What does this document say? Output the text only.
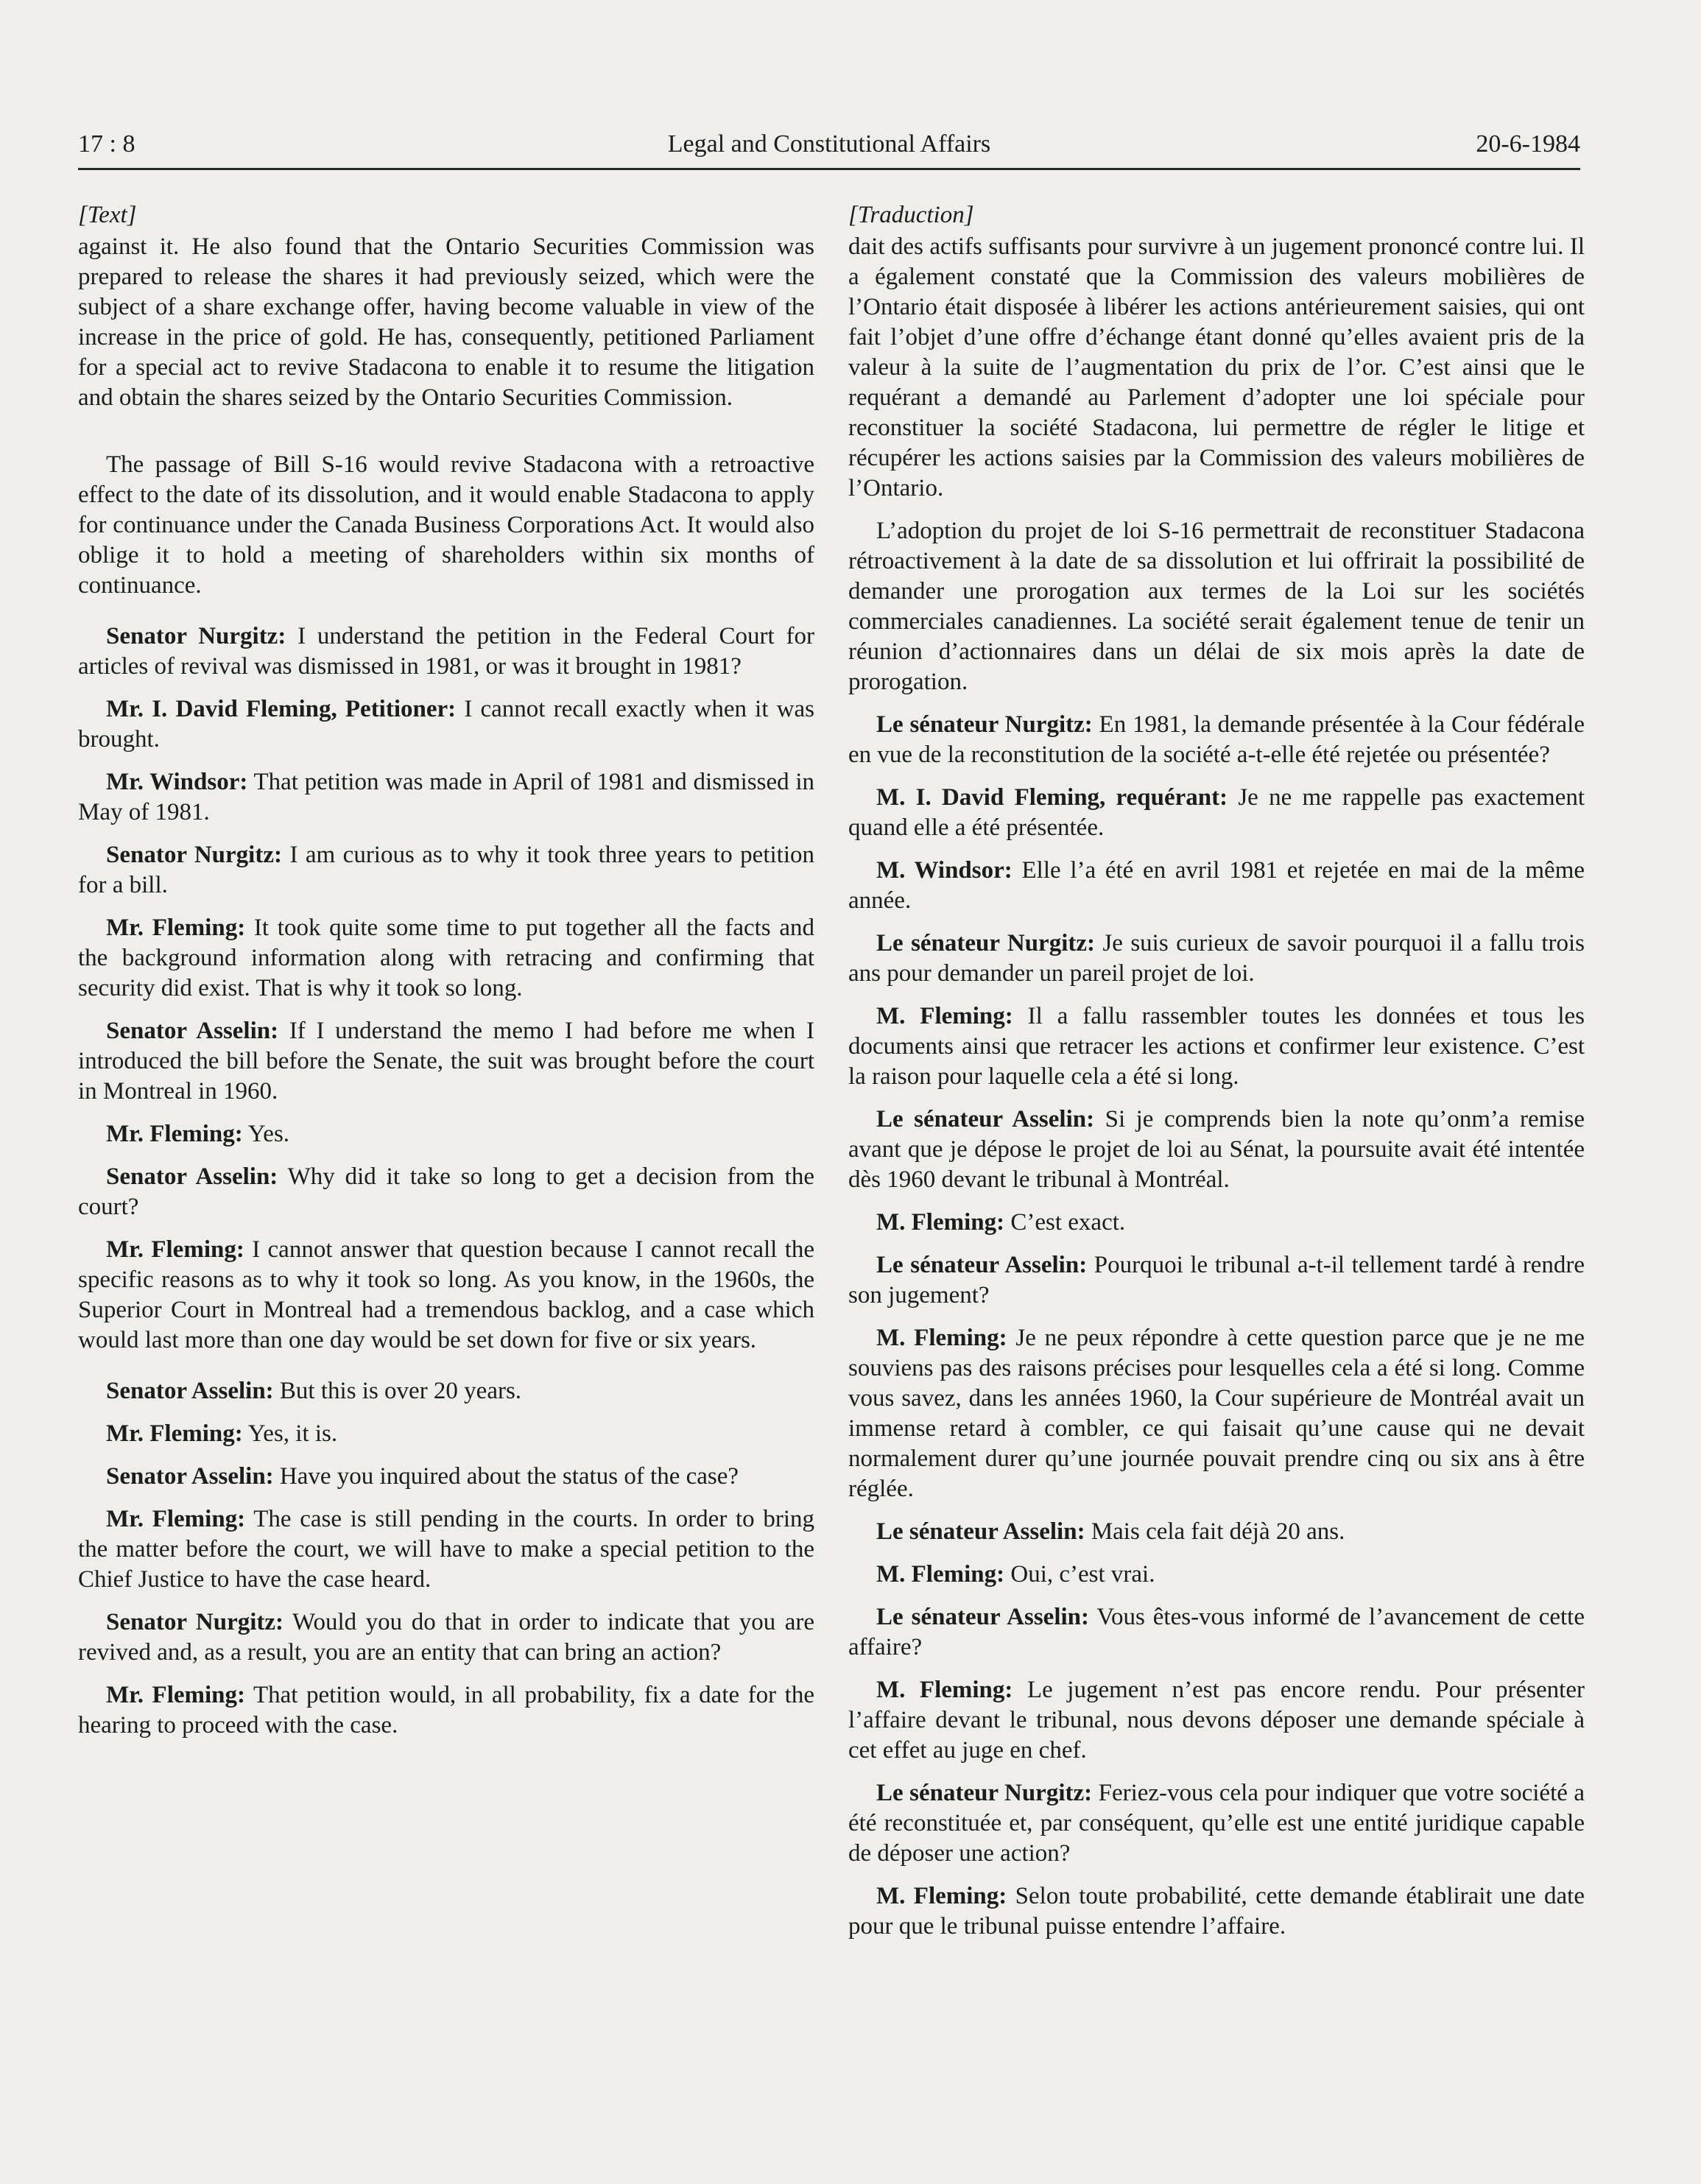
17 : 8	Legal and Constitutional Affairs	20-6-1984
[Text]

against it. He also found that the Ontario Securities Commission was prepared to release the shares it had previously seized, which were the subject of a share exchange offer, having become valuable in view of the increase in the price of gold. He has, consequently, petitioned Parliament for a special act to revive Stadacona to enable it to resume the litigation and obtain the shares seized by the Ontario Securities Commission.

The passage of Bill S-16 would revive Stadacona with a retroactive effect to the date of its dissolution, and it would enable Stadacona to apply for continuance under the Canada Business Corporations Act. It would also oblige it to hold a meeting of shareholders within six months of continuance.

Senator Nurgitz: I understand the petition in the Federal Court for articles of revival was dismissed in 1981, or was it brought in 1981?

Mr. I. David Fleming, Petitioner: I cannot recall exactly when it was brought.

Mr. Windsor: That petition was made in April of 1981 and dismissed in May of 1981.

Senator Nurgitz: I am curious as to why it took three years to petition for a bill.

Mr. Fleming: It took quite some time to put together all the facts and the background information along with retracing and confirming that security did exist. That is why it took so long.

Senator Asselin: If I understand the memo I had before me when I introduced the bill before the Senate, the suit was brought before the court in Montreal in 1960.

Mr. Fleming: Yes.

Senator Asselin: Why did it take so long to get a decision from the court?

Mr. Fleming: I cannot answer that question because I cannot recall the specific reasons as to why it took so long. As you know, in the 1960s, the Superior Court in Montreal had a tremendous backlog, and a case which would last more than one day would be set down for five or six years.

Senator Asselin: But this is over 20 years.

Mr. Fleming: Yes, it is.

Senator Asselin: Have you inquired about the status of the case?

Mr. Fleming: The case is still pending in the courts. In order to bring the matter before the court, we will have to make a special petition to the Chief Justice to have the case heard.

Senator Nurgitz: Would you do that in order to indicate that you are revived and, as a result, you are an entity that can bring an action?

Mr. Fleming: That petition would, in all probability, fix a date for the hearing to proceed with the case.

[Traduction]

dait des actifs suffisants pour survivre à un jugement prononcé contre lui. Il a également constaté que la Commission des valeurs mobilières de l’Ontario était disposée à libérer les actions antérieurement saisies, qui ont fait l’objet d’une offre d’échange étant donné qu’elles avaient pris de la valeur à la suite de l’augmentation du prix de l’or. C’est ainsi que le requérant a demandé au Parlement d’adopter une loi spéciale pour reconstituer la société Stadacona, lui permettre de régler le litige et récupérer les actions saisies par la Commission des valeurs mobilières de l’Ontario.

L’adoption du projet de loi S-16 permettrait de reconstituer Stadacona rétroactivement à la date de sa dissolution et lui offrirait la possibilité de demander une prorogation aux termes de la Loi sur les sociétés commerciales canadiennes. La société serait également tenue de tenir un réunion d’actionnaires dans un délai de six mois après la date de prorogation.

Le sénateur Nurgitz: En 1981, la demande présentée à la Cour fédérale en vue de la reconstitution de la société a-t-elle été rejetée ou présentée?

M. I. David Fleming, requérant: Je ne me rappelle pas exactement quand elle a été présentée.

M. Windsor: Elle l’a été en avril 1981 et rejetée en mai de la même année.

Le sénateur Nurgitz: Je suis curieux de savoir pourquoi il a fallu trois ans pour demander un pareil projet de loi.

M. Fleming: Il a fallu rassembler toutes les données et tous les documents ainsi que retracer les actions et confirmer leur existence. C’est la raison pour laquelle cela a été si long.

Le sénateur Asselin: Si je comprends bien la note qu’onm’a remise avant que je dépose le projet de loi au Sénat, la poursuite avait été intentée dès 1960 devant le tribunal à Montréal.

M. Fleming: C’est exact.

Le sénateur Asselin: Pourquoi le tribunal a-t-il tellement tardé à rendre son jugement?

M. Fleming: Je ne peux répondre à cette question parce que je ne me souviens pas des raisons précises pour lesquelles cela a été si long. Comme vous savez, dans les années 1960, la Cour supérieure de Montréal avait un immense retard à combler, ce qui faisait qu’une cause qui ne devait normalement durer qu’une journée pouvait prendre cinq ou six ans à être réglée.

Le sénateur Asselin: Mais cela fait déjà 20 ans.

M. Fleming: Oui, c’est vrai.

Le sénateur Asselin: Vous êtes-vous informé de l’avancement de cette affaire?

M. Fleming: Le jugement n’est pas encore rendu. Pour présenter l’affaire devant le tribunal, nous devons déposer une demande spéciale à cet effet au juge en chef.

Le sénateur Nurgitz: Feriez-vous cela pour indiquer que votre société a été reconstituée et, par conséquent, qu’elle est une entité juridique capable de déposer une action?

M. Fleming: Selon toute probabilité, cette demande établirait une date pour que le tribunal puisse entendre l’affaire.
